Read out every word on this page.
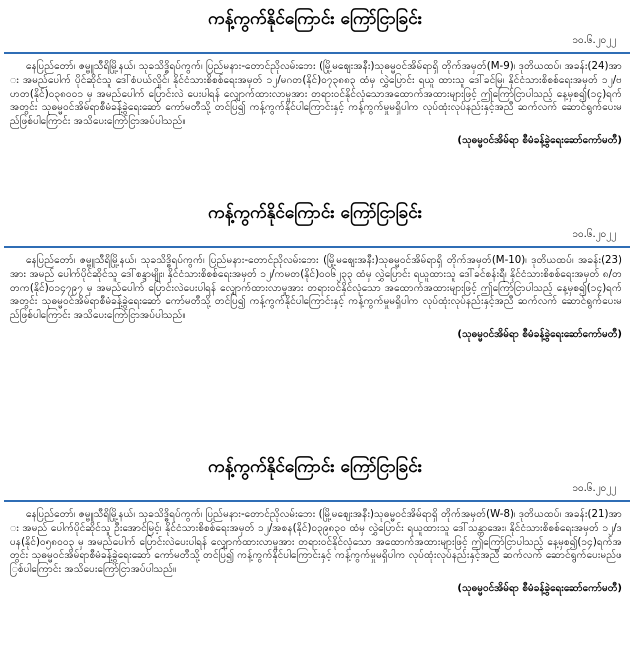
ကန့်ကွက်နိုင်ကြောင်း ကြော်ငြာခြင်း
၁၀.၆.၂၀၂၂
နေပြည်တော်၊ ဇမ္ဗူသီရိမြို့နယ်၊ သုခသိဒ္ဓိရပ်ကွက်၊ ပြည်မနား-တောင်ညိုလမ်းဘေး (မြို့မဈေးအနီး)သုဓမ္မဝင်အိမ်ရာရှိ တိုက်အမှတ်(M-9)၊ ဒုတိယထပ်၊ အခန်း(24)အား အမည်ပေါက် ပိုင်ဆိုင်သူ ဒေါ်စံပယ်လှိုင်၊ နိုင်ငံသားစိစစ်ရေးအမှတ် ၁၂/မဂတ(နိုင်)၀၇၃၈၈၃ ထံမှ လွှဲပြောင်း ရယူ ထားသူ ဒေါ်ခင်မြ၊ နိုင်ငံသားစိစစ်ရေးအမှတ် ၁၂/ဗဟတ(နိုင်)၀၃၈၀၀၁ မှ အမည်ပေါက် ပြောင်းလဲ ပေးပါရန် လျှောက်ထားလာမှုအား တရားဝင်နိုင်လုံသောအထောက်အထားများဖြင့် ဤကြော်ငြာပါသည့် နေ့မှစ၍(၁၄)ရက်အတွင်း သုဓမ္မဝင်အိမ်ရာစီမံခန့်ခွဲရေးဆော် ကော်မတီသို့ တင်ပြ၍ ကန့်ကွက်နိုင်ပါကြောင်းနှင့် ကန့်ကွက်မှုမရှိပါက လုပ်ထုံးလုပ်နည်းနှင့်အညီ ဆက်လက် ဆောင်ရွက်ပေးမည်ဖြစ်ပါကြောင်း အသိပေးကြော်ငြာအပ်ပါသည်။
(သုဓမ္မဝင်အိမ်ရာ စီမံခန့်ခွဲရေးဆော်ကော်မတီ)
ကန့်ကွက်နိုင်ကြောင်း ကြော်ငြာခြင်း
၁၀.၆.၂၀၂၂
နေပြည်တော်၊ ဇမ္ဗူသီရိမြို့နယ်၊ သုခသိဒ္ဓိရပ်ကွက်၊ ပြည်မနား-တောင်ညိုလမ်းဘေး (မြို့မဈေးအနီး)သုဓမ္မဝင်အိမ်ရာရှိ တိုက်အမှတ်(M-10)၊ ဒုတိယထပ်၊ အခန်း(23)အား အမည် ပေါက်ပိုင်ဆိုင်သူ ဒေါ်စန္ဒာမျိုး၊ နိုင်ငံသားစိစစ်ရေးအမှတ် ၁၂/ကမတ(နိုင်)၀၀၆၂၃၃ ထံမှ လွှဲပြောင်း ရယူထားသူ ဒေါ်ခင်စန်းရီ၊ နိုင်ငံသားစိစစ်ရေးအမှတ် ၈/တတက(နိုင်)၀၁၄၇၉၇ မှ အမည်ပေါက် ပြောင်းလဲပေးပါရန် လျှောက်ထားလာမှုအား တရားဝင်နိုင်လုံသော အထောက်အထားများဖြင့် ဤကြော်ငြာပါသည့် နေ့မှစ၍(၁၄)ရက်အတွင်း သုဓမ္မဝင်အိမ်ရာစီမံခန့်ခွဲရေးဆော် ကော်မတီသို့ တင်ပြ၍ ကန့်ကွက်နိုင်ပါကြောင်းနှင့် ကန့်ကွက်မှုမရှိပါက လုပ်ထုံးလုပ်နည်းနှင့်အညီ ဆက်လက် ဆောင်ရွက်ပေးမည်ဖြစ်ပါကြောင်း အသိပေးကြော်ငြာအပ်ပါသည်။
(သုဓမ္မဝင်အိမ်ရာ စီမံခန့်ခွဲရေးဆော်ကော်မတီ)
ကန့်ကွက်နိုင်ကြောင်း ကြော်ငြာခြင်း
၁၀.၆.၂၀၂၂
နေပြည်တော်၊ ဇမ္ဗူသီရိမြို့နယ်၊ သုခသိဒ္ဓိရပ်ကွက်၊ ပြည်မနား-တောင်ညိုလမ်းဘေး (မြို့မဈေးအနီး)သုဓမ္မဝင်အိမ်ရာရှိ တိုက်အမှတ်(W-8)၊ ဒုတိယထပ်၊ အခန်း(21)အား အမည် ပေါက်ပိုင်ဆိုင်သူ ဦးအောင်မြင့်၊ နိုင်ငံသားစိစစ်ရေးအမှတ် ၁၂/အစန(နိုင်)၀၃၉၈၃၀ ထံမှ လွှဲပြောင်း ရယူထားသူ ဒေါ်သန္တာအေး၊ နိုင်ငံသားစိစစ်ရေးအမှတ် ၁၂/ဒပန(နိုင်)၀၅၈၀၀၃ မှ အမည်ပေါက် ပြောင်းလဲပေးပါရန် လျှောက်ထားလာမှုအား တရားဝင်နိုင်လုံသော အထောက်အထားများဖြင့် ဤကြော်ငြာပါသည့် နေ့မှစ၍(၁၄)ရက်အတွင်း သုဓမ္မဝင်အိမ်ရာစီမံခန့်ခွဲရေးဆော် ကော်မတီသို့ တင်ပြ၍ ကန့်ကွက်နိုင်ပါကြောင်းနှင့် ကန့်ကွက်မှုမရှိပါက လုပ်ထုံးလုပ်နည်းနှင့်အညီ ဆက်လက် ဆောင်ရွက်ပေးမည်ဖြစ်ပါကြောင်း အသိပေးကြော်ငြာအပ်ပါသည်။
(သုဓမ္မဝင်အိမ်ရာ စီမံခန့်ခွဲရေးဆော်ကော်မတီ)
